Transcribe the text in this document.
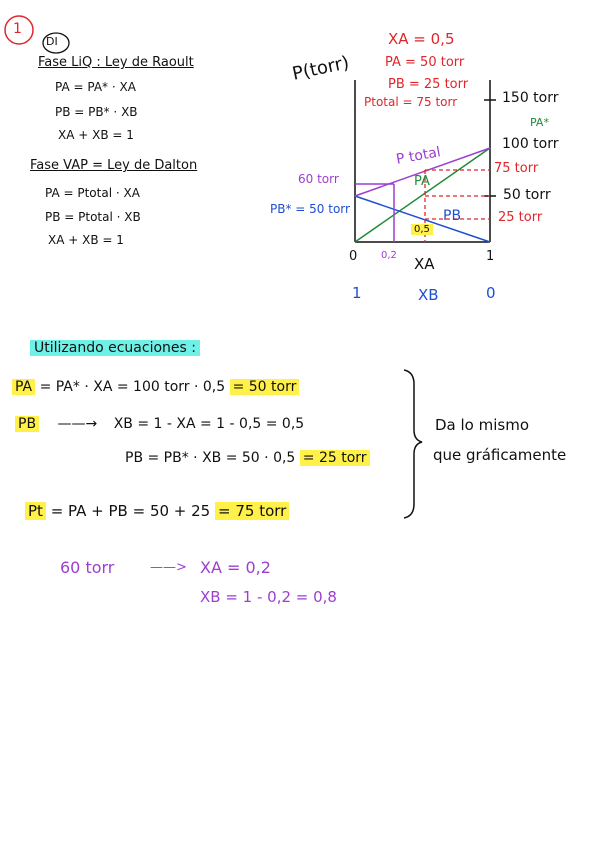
1
DI
Fase LiQ : Ley de Raoult
PA = PA* · XA
PB = PB* · XB
XA + XB = 1
Fase VAP = Ley de Dalton
PA = Ptotal · XA
PB = Ptotal · XB
XA + XB = 1
XA = 0,5
PA = 50 torr
PB = 25 torr
Ptotal = 75 torr
P(torr)
150 torr
PA*
100 torr
75 torr
50 torr
25 torr
60 torr
PB* = 50 torr
P total
PA
PB
0,5
0 0,2 XA	1
1	XB	0
Utilizando ecuaciones :
PA = PA* · XA = 100 torr · 0,5 = 50 torr
PB ——→ XB = 1 - XA = 1 - 0,5 = 0,5
PB = PB* · XB = 50 · 0,5 = 25 torr
Pt = PA + PB = 50 + 25 = 75 torr
Da lo mismo
que gráficamente
60 torr	——> XA = 0,2
XB = 1 - 0,2 = 0,8
